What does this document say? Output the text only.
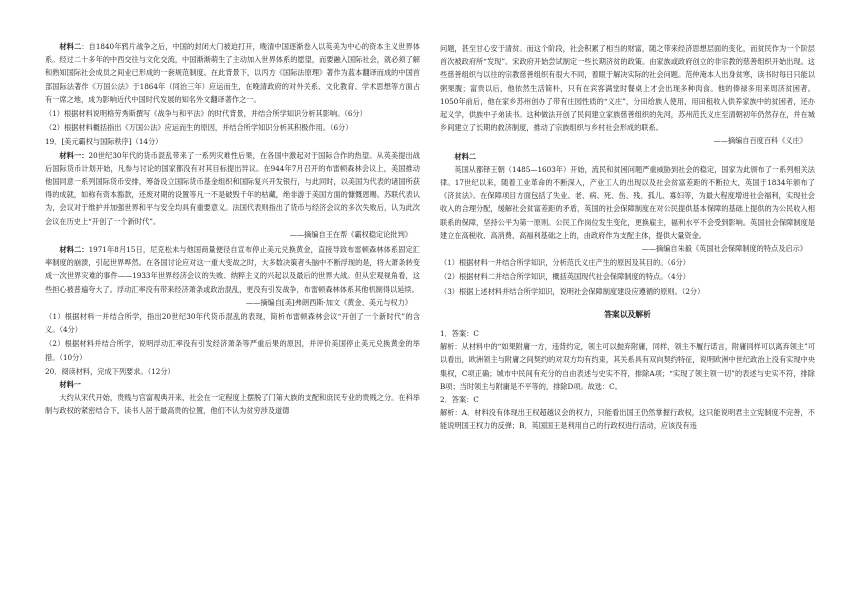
材料二：自1840年鸦片战争之后，中国的封闭大门被迫打开，晚清中国逐渐卷入以英美为中心的资本主义世界体系。经过二十多年的中西交往与文化交流，中国渐渐萌生了主动加入世界体系的愿望，而要融入国际社会，就必须了解和熟知国际社会成员之间业已形成的一套规范制度。在此背景下，以丙方《国际法原理》著作为蓝本翻译而成的中国首部国际法著作《万国公法》于1864年（同治三年）应运而生，在晚清政府的对外关系、文化教育、学术思想等方面占有一席之地，成为影响近代中国时代发展的知名外文翻译著作之一。

（1）根据材料说明格劳秀斯撰写《战争与和平法》的时代背景，并结合所学知识分析其影响。（6分）

（2）根据材料概括指出《万国公法》应运而生的原因，并结合所学知识分析其积极作用。（6分）

19．[美元霸权与国际秩序]（14分）

材料一：20世纪30年代的货币混乱带来了一系列灾难性后果，在各国中激起对于国际合作的热望。从英美提出战后国际货币计划开始，凡参与讨论的国家都没有对其目标提出异议。在944年7月召开的布雷顿森林会议上，美国推动他国同意一系列国际货币安排，筹备设立国际货币基金组织和国际复兴开发银行，与此同时，以美国为代表的诸国所获得的成就，如称有资本豁款，还废对期的设置等凡一不是破毁千年的枯藏，绝非游于美国方面的慷慨恩赐。苏联代表认为，会议对于维护并加强世界和平与安全均具有重要意义。法国代表则指出了货币与经济会议的多次失败后，认为此次会议在历史上“开创了一个新时代”。

——摘编自王在帮《霸权稳定论批判》

材料二：1971年8月15日，尼克松未与他国商量便径自宣布停止美元兑换黄金，直接导致布雷顿森林体系固定汇率制度的崩溃，引起世界哗然。在各国讨论应对这一重大变故之时，大多数决策者头脑中不断浮现的是，将大萧条转变成一次世界灾难的事件——1933年世界经济会议的失败、纳粹主义的兴起以及最后的世界大战。但从宏观视角看，这些担心被普遍夸大了。浮动汇率没有带来经济萧条或政治混乱，更没有引发战争，布雷顿森林体系其他机制得以延续。

——摘编自[美]弗朗西斯·加文《黄金、美元与权力》

（1）根据材料一并结合所学，指出20世纪30年代货币混乱的表现，简析布雷顿森林会议“开创了一个新时代”的含义。（4分）

（2）根据材料并结合所学，说明浮动汇率没有引发经济萧条等严重后果的原因，并评价美国停止美元兑换黄金的举措。（10分）

20．阅读材料，完成下列要求。（12分）

材料一

大约从宋代开始，贵贱与官富观典开来，社会在一定程度上摆脱了门第大族的支配和庶民专业的贵贱之分。在科举制与政权的紧密结合下，读书人居于最高贵的位置，他们不认为贫穷涉及道德

问题，甚至甘心安于清贫。而这个阶段，社会积累了相当的财富，随之带来经济思想层面的变化，而贫民作为一个阶层首次被政府所“发现”。宋政府开始尝试制定一些长期济贫的政策。由家族或政府创立的非宗教的慈善组织开始出现。这些慈善组织与以往的宗教慈善组织有很大不同，着眼于解决实际的社会问题。范仲淹本人出身贫寒，读书时每日只能以粥果腹；富贵以后，他依然生活简朴，只有在宾客满堂时餐桌上才会出现多种肉食。他的俸禄多用来周济贫困者。1050年前后，他在家乡苏州创办了带有庄园性质的“义庄”，分田给族人使用，用田租收入供养家族中的贫困者，还办起义学，供族中子弟读书。这种做法开创了民间建立家族慈善组织的先河，苏州范氏义庄至清朝初年仍然存在，并在城乡间建立了长期的救济制度，推动了宗族组织与乡村社会形成的联系。

——摘编自百度百科《义庄》

材料二

英国从都铎王朝（1485—1603年）开始，流民和贫困问题严重威胁到社会的稳定，国家为此颁布了一系列相关法律。17世纪以来，随着工业革命的不断深入，产业工人的出现以及社会贫富差距的不断拉大，英国于1834年颁布了《济贫法》。在保障项目方面包括了失业、老、病、死、伤、残、孤儿、寡妇等，为最大程度增进社会福利，实现社会收入的合理分配，缓解社会贫富差距的矛盾，英国的社会保障制度在对公民提供基本保障的基础上提供的为公民收入相联系的保障，坚持公平为第一原则。公民工作岗位发生变化，更换雇主，福利水平不会受到影响。英国社会保障制度是建立在高税收、高消费、高福利基础之上的，由政府作为支配主体，提供大量资金。

——摘编自朱毅《英国社会保障制度的特点及启示》

（1）根据材料一并结合所学知识，分析范氏义庄产生的原因及其目的。（6分）

（2）根据材料二并结合所学知识，概括英国现代社会保障制度的特点。（4分）

（3）根据上述材料并结合所学知识，说明社会保障制度建设应遵循的原则。（2分）

答案以及解析

1．答案：C

解析：从材料中的“如果附庸一方，违背约定，领主可以抛弃附庸，同样，领主不履行诺言，附庸同样可以离弃领主”可以看出，欧洲领主与附庸之间契约的对双方均有约束，其关系具有双向契约特征，说明欧洲中世纪政治上没有实现中央集权，C项正确；城市中民间有充分的自由表述与史实不符，排除A项；“实现了领主领一切”的表述与史实不符，排除B项；当时领主与附庸是不平等的，排除D项。故选：C。

2．答案：C

解析：A．材料没有体现出王权超越议会的权力，只能看出国王仍然掌握行政权，这只能说明君主立宪制度不完善，不能说明国王权力的反弹；B．英国国王是利用自己的行政权进行活动，应该没有违
